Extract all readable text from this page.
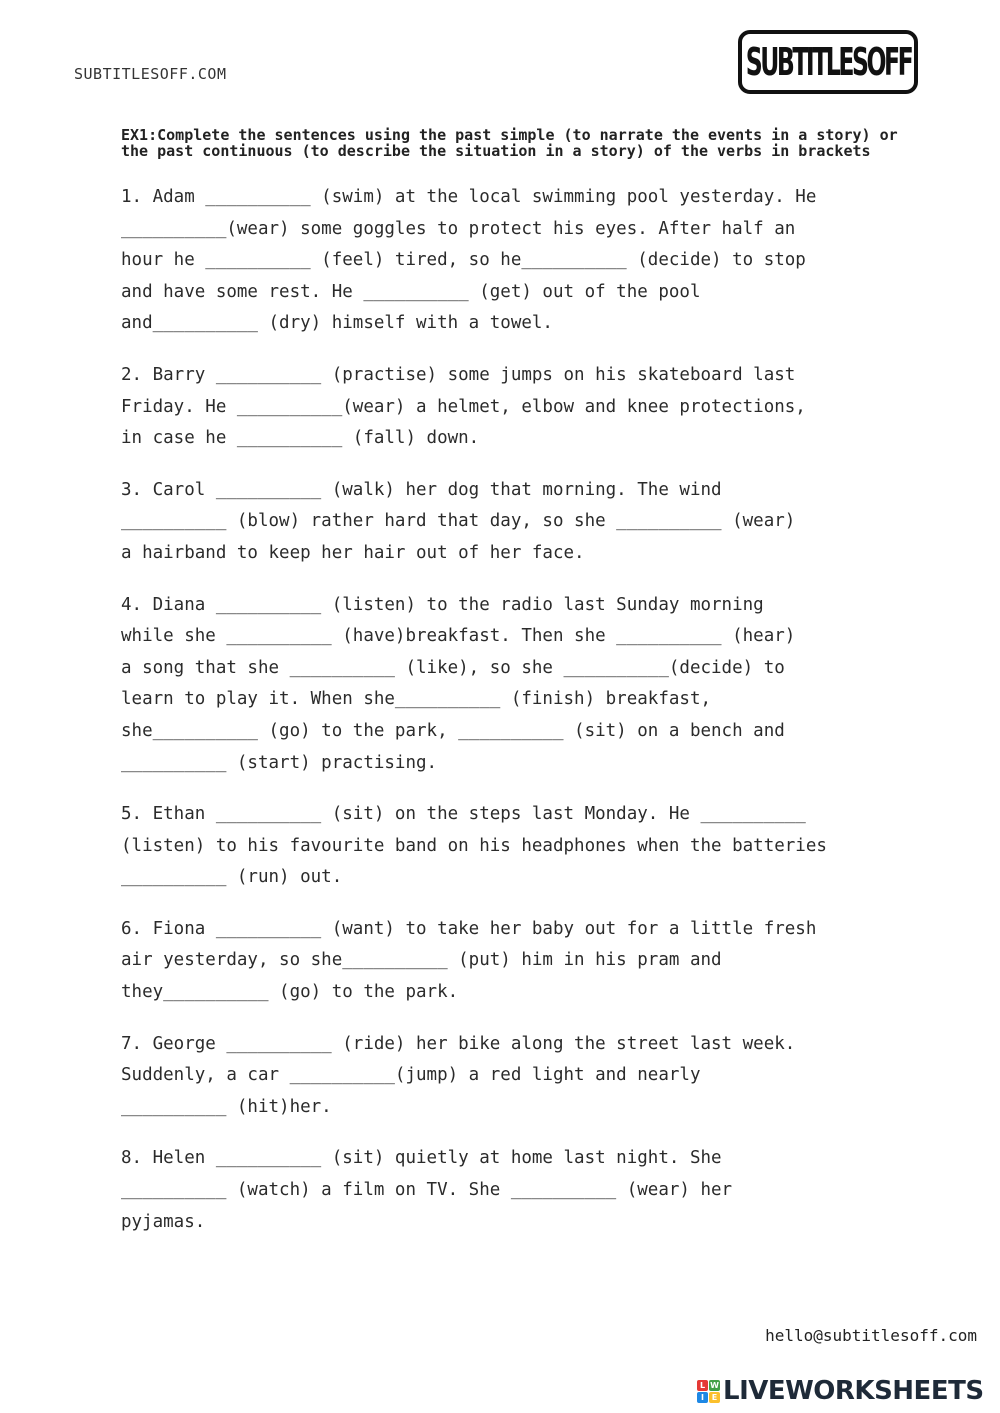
SUBTITLESOFF.COM	SUBTITLESOFF
EX1:Complete the sentences using the past simple (to narrate the events in a story) or the past continuous (to describe the situation in a story) of the verbs in brackets
1. Adam __________ (swim) at the local swimming pool yesterday. He
__________(wear) some goggles to protect his eyes. After half an
hour he __________ (feel) tired, so he__________ (decide) to stop
and have some rest. He __________ (get) out of the pool
and__________ (dry) himself with a towel.
2. Barry __________ (practise) some jumps on his skateboard last
Friday. He __________(wear) a helmet, elbow and knee protections,
in case he __________ (fall) down.
3. Carol __________ (walk) her dog that morning. The wind
__________ (blow) rather hard that day, so she __________ (wear)
a hairband to keep her hair out of her face.
4. Diana __________ (listen) to the radio last Sunday morning
while she __________ (have)breakfast. Then she __________ (hear)
a song that she __________ (like), so she __________(decide) to
learn to play it. When she__________ (finish) breakfast,
she__________ (go) to the park, __________ (sit) on a bench and
__________ (start) practising.
5. Ethan __________ (sit) on the steps last Monday. He __________
(listen) to his favourite band on his headphones when the batteries
__________ (run) out.
6. Fiona __________ (want) to take her baby out for a little fresh
air yesterday, so she__________ (put) him in his pram and
they__________ (go) to the park.
7. George __________ (ride) her bike along the street last week.
Suddenly, a car __________(jump) a red light and nearly
__________ (hit)her.
8. Helen __________ (sit) quietly at home last night. She
__________ (watch) a film on TV. She __________ (wear) her
pyjamas.
hello@subtitlesoff.com
L W
I E LIVEWORKSHEETS
